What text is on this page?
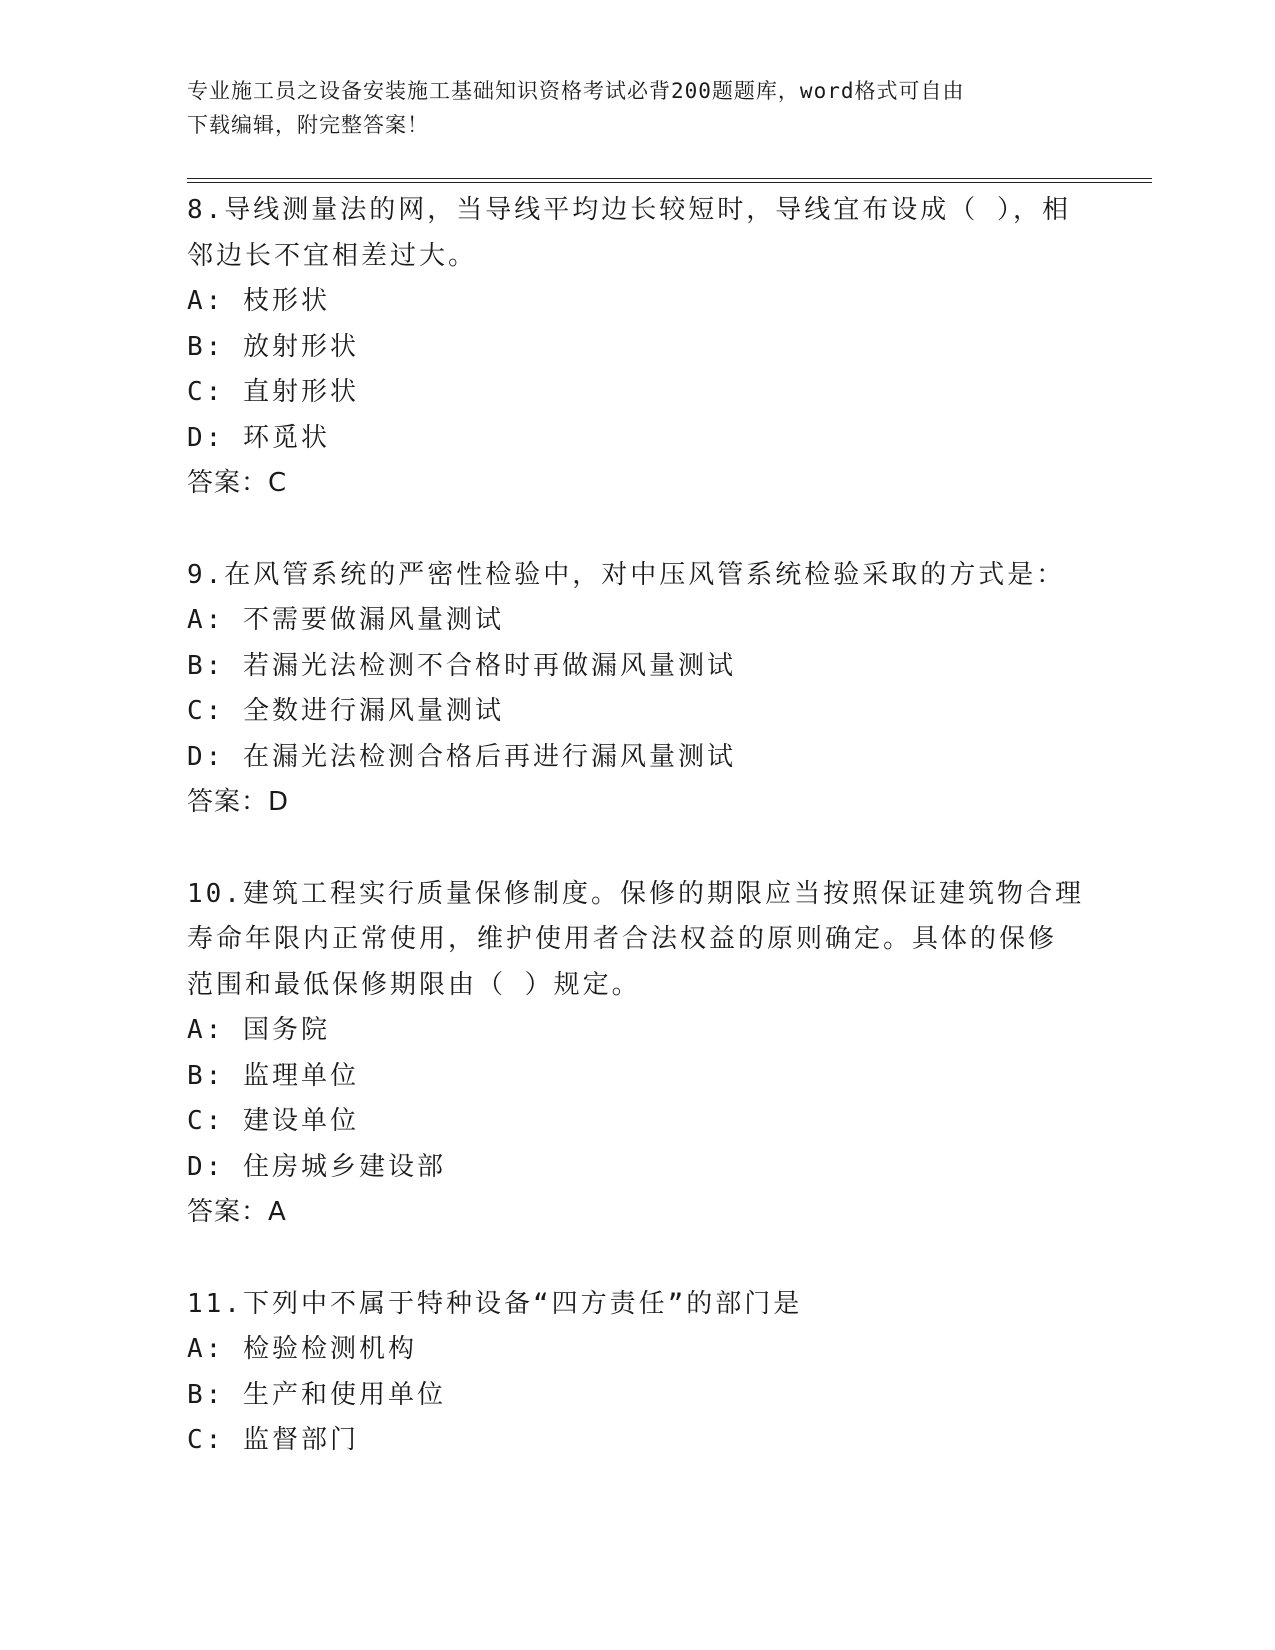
专业施工员之设备安装施工基础知识资格考试必背200题题库，word格式可自由
下载编辑，附完整答案！
8.导线测量法的网，当导线平均边长较短时，导线宜布设成（ ），相
邻边长不宜相差过大。
A: 枝形状
B: 放射形状
C: 直射形状
D: 环觅状
答案：C
9.在风管系统的严密性检验中，对中压风管系统检验采取的方式是：
A: 不需要做漏风量测试
B: 若漏光法检测不合格时再做漏风量测试
C: 全数进行漏风量测试
D: 在漏光法检测合格后再进行漏风量测试
答案：D
10.建筑工程实行质量保修制度。保修的期限应当按照保证建筑物合理
寿命年限内正常使用，维护使用者合法权益的原则确定。具体的保修
范围和最低保修期限由（ ）规定。
A: 国务院
B: 监理单位
C: 建设单位
D: 住房城乡建设部
答案：A
11.下列中不属于特种设备“四方责任”的部门是
A: 检验检测机构
B: 生产和使用单位
C: 监督部门
